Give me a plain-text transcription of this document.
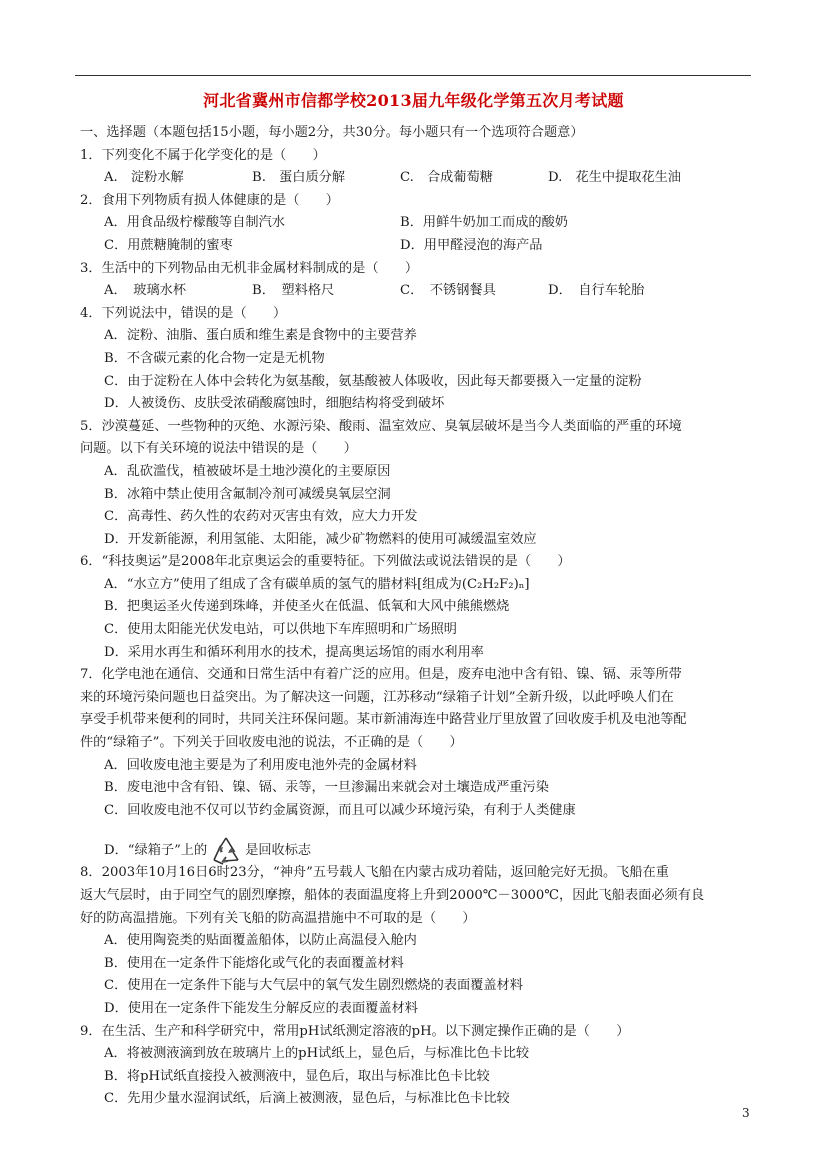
河北省冀州市信都学校2013届九年级化学第五次月考试题
一、选择题（本题包括15小题，每小题2分，共30分。每小题只有一个选项符合题意）
1．下列变化不属于化学变化的是（　　）
A.　淀粉水解	B.　蛋白质分解	C.　合成葡萄糖	D.　花生中提取花生油
2．食用下列物质有损人体健康的是（　　）
A．用食品级柠檬酸等自制汽水	B．用鲜牛奶加工而成的酸奶
C．用蔗糖腌制的蜜枣	D．用甲醛浸泡的海产品
3．生活中的下列物品由无机非金属材料制成的是（　　）
A．　玻璃水杯	B．　塑料格尺	C．　不锈钢餐具	D．　自行车轮胎
4．下列说法中，错误的是（　　）
A．淀粉、油脂、蛋白质和维生素是食物中的主要营养
B．不含碳元素的化合物一定是无机物
C．由于淀粉在人体中会转化为氨基酸，氨基酸被人体吸收，因此每天都要摄入一定量的淀粉
D．人被烫伤、皮肤受浓硝酸腐蚀时，细胞结构将受到破坏
5．沙漠蔓延、一些物种的灭绝、水源污染、酸雨、温室效应、臭氧层破坏是当今人类面临的严重的环境
问题。以下有关环境的说法中错误的是（　　）
A．乱砍滥伐，植被破坏是土地沙漠化的主要原因
B．冰箱中禁止使用含氟制冷剂可减缓臭氧层空洞
C．高毒性、药久性的农药对灭害虫有效，应大力开发
D．开发新能源，利用氢能、太阳能，减少矿物燃料的使用可减缓温室效应
6．“科技奥运”是2008年北京奥运会的重要特征。下列做法或说法错误的是（　　）
A．“水立方”使用了组成了含有碳单质的氢气的腊材料[组成为(C₂H₂F₂)ₙ]
B．把奥运圣火传递到珠峰，并使圣火在低温、低氧和大风中熊熊燃烧
C．使用太阳能光伏发电站，可以供地下车库照明和广场照明
D．采用水再生和循环利用水的技术，提高奥运场馆的雨水利用率
7．化学电池在通信、交通和日常生活中有着广泛的应用。但是，废弃电池中含有铅、镍、镉、汞等所带
来的环境污染问题也日益突出。为了解决这一问题，江苏移动“绿箱子计划”全新升级，以此呼唤人们在
享受手机带来便利的同时，共同关注环保问题。某市新浦海连中路营业厅里放置了回收废手机及电池等配
件的“绿箱子”。下列关于回收废电池的说法，不正确的是（　　）
A．回收废电池主要是为了利用废电池外壳的金属材料
B．废电池中含有铅、镍、镉、汞等，一旦渗漏出来就会对土壤造成严重污染
C．回收废电池不仅可以节约金属资源，而且可以减少环境污染，有利于人类健康
D．“绿箱子”上的	是回收标志
8．2003年10月16日6时23分，“神舟”五号载人飞船在内蒙古成功着陆，返回舱完好无损。飞船在重
返大气层时，由于同空气的剧烈摩擦，船体的表面温度将上升到2000℃－3000℃，因此飞船表面必须有良
好的防高温措施。下列有关飞船的防高温措施中不可取的是（　　）
A．使用陶瓷类的贴面覆盖船体，以防止高温侵入舱内
B．使用在一定条件下能熔化或气化的表面覆盖材料
C．使用在一定条件下能与大气层中的氧气发生剧烈燃烧的表面覆盖材料
D．使用在一定条件下能发生分解反应的表面覆盖材料
9．在生活、生产和科学研究中，常用pH试纸测定溶液的pH。以下测定操作正确的是（　　）
A．将被测液滴到放在玻璃片上的pH试纸上，显色后，与标准比色卡比较
B．将pH试纸直接投入被测液中，显色后，取出与标准比色卡比较
C．先用少量水湿润试纸，后滴上被测液，显色后，与标准比色卡比较
3
